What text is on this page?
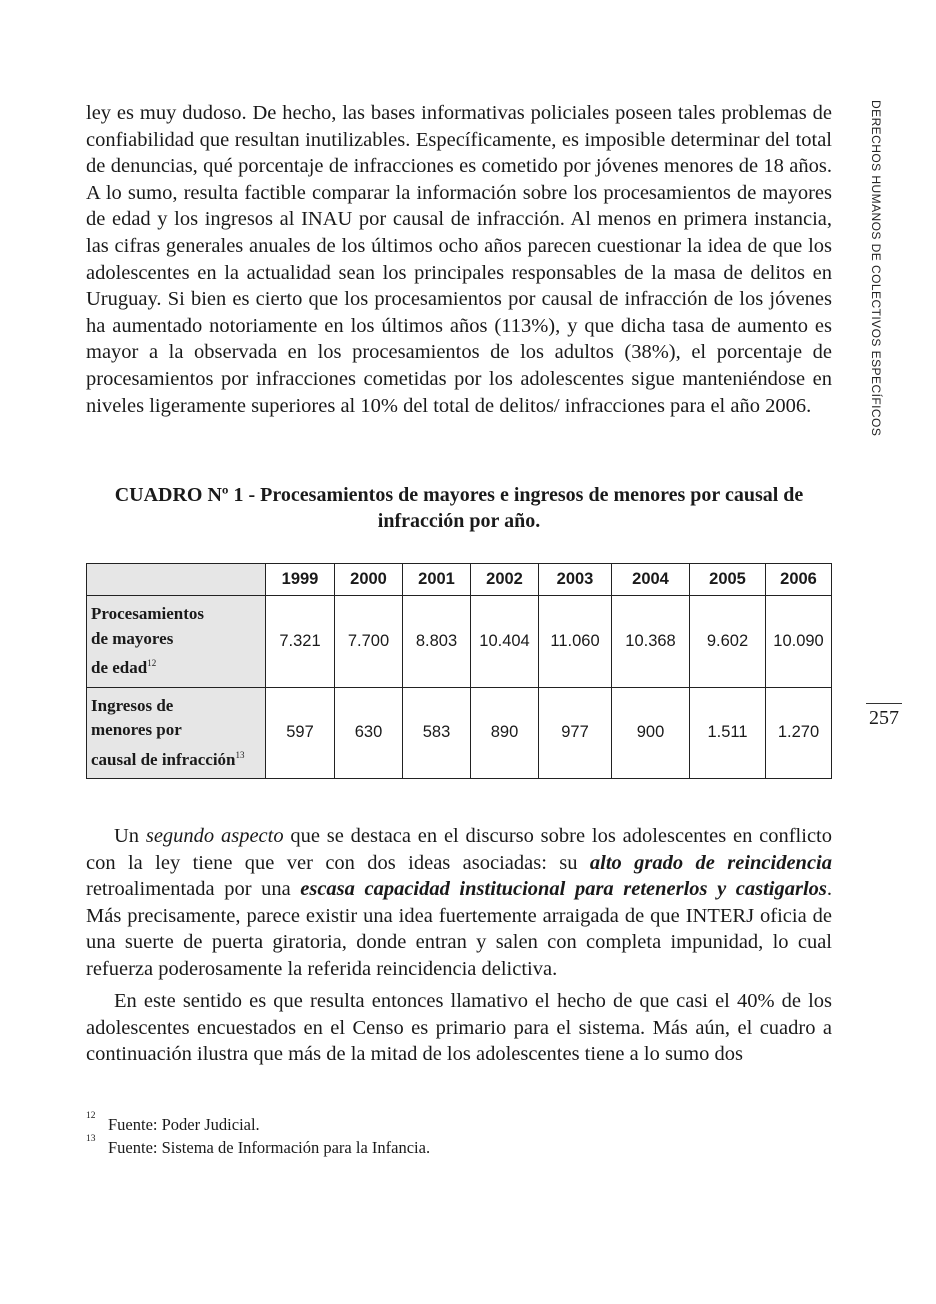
DERECHOS HUMANOS DE COLECTIVOS ESPECÍFICOS

ley es muy dudoso. De hecho, las bases informativas policiales poseen tales problemas de confiabilidad que resultan inutilizables. Específicamente, es imposible determinar del total de denuncias, qué porcentaje de infracciones es cometido por jóvenes menores de 18 años. A lo sumo, resulta factible comparar la información sobre los procesamientos de mayores de edad y los ingresos al INAU por causal de infracción. Al menos en primera instancia, las cifras generales anuales de los últimos ocho años parecen cuestionar la idea de que los adolescentes en la actualidad sean los principales responsables de la masa de delitos en Uruguay. Si bien es cierto que los procesamientos por causal de infracción de los jóvenes ha aumentado notoriamente en los últimos años (113%), y que dicha tasa de aumento es mayor a la observada en los procesamientos de los adultos (38%), el porcentaje de procesamientos por infracciones cometidas por los adolescentes sigue manteniéndose en niveles ligeramente superiores al 10% del total de delitos/ infracciones para el año 2006.

CUADRO Nº 1 - Procesamientos de mayores e ingresos de menores por causal de infracción por año.

	1999	2000	2001	2002	2003	2004	2005	2006
Procesamientos
de mayores
de edad$^{12}$	7.321	7.700	8.803	10.404	11.060	10.368	9.602	10.090
Ingresos de
menores por
causal de infracción$^{13}$	597	630	583	890	977	900	1.511	1.270
257

Un segundo aspecto que se destaca en el discurso sobre los adolescentes en conflicto con la ley tiene que ver con dos ideas asociadas: su alto grado de reincidencia retroalimentada por una escasa capacidad institucional para retenerlos y castigarlos. Más precisamente, parece existir una idea fuertemente arraigada de que INTERJ oficia de una suerte de puerta giratoria, donde entran y salen con completa impunidad, lo cual refuerza poderosamente la referida reincidencia delictiva.

En este sentido es que resulta entonces llamativo el hecho de que casi el 40% de los adolescentes encuestados en el Censo es primario para el sistema. Más aún, el cuadro a continuación ilustra que más de la mitad de los adolescentes tiene a lo sumo dos

12 Fuente: Poder Judicial.
13 Fuente: Sistema de Información para la Infancia.
